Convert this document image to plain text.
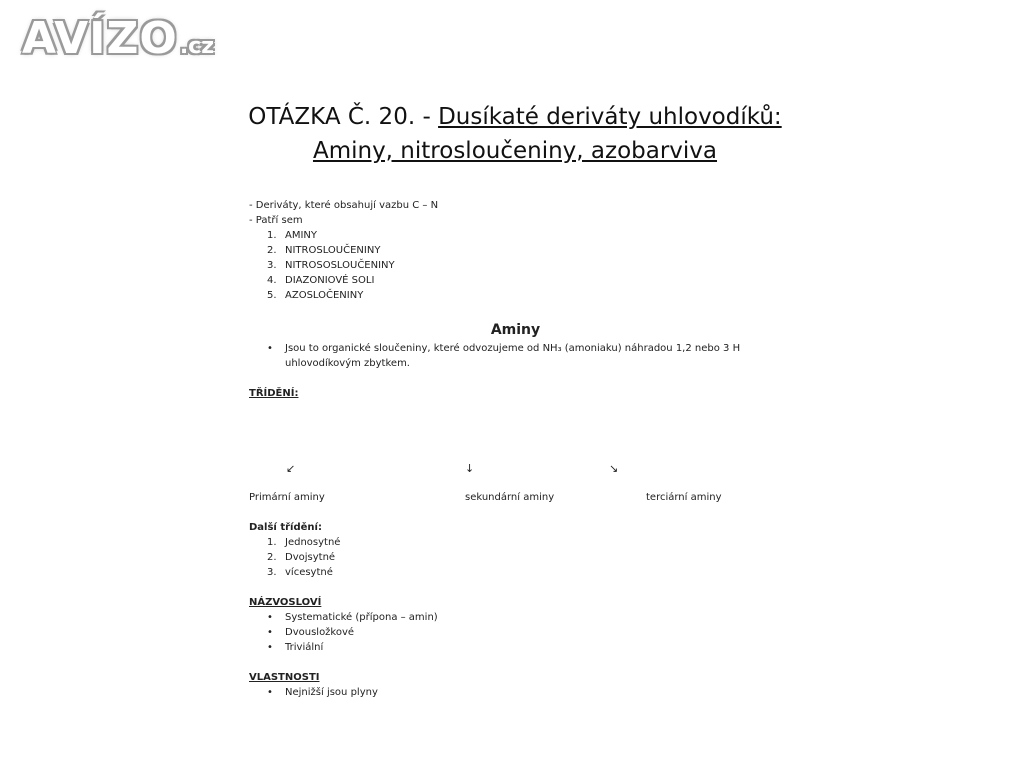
AVÍZO.cz
OTÁZKA Č. 20. - Dusíkaté deriváty uhlovodíků:
Aminy, nitrosloučeniny, azobarviva
- Deriváty, které obsahují vazbu C – N
- Patří sem
1. AMINY
2. NITROSLOUČENINY
3. NITROSOSLOUČENINY
4. DIAZONIOVÉ SOLI
5. AZOSLOČENINY
Aminy
• Jsou to organické sloučeniny, které odvozujeme od NH₃ (amoniaku) náhradou 1,2 nebo 3 H uhlovodíkovým zbytkem.
TŘÍDĚNÍ:
↙	↓	↘
Primární aminy	sekundární aminy	terciární aminy
Další třídění:
1. Jednosytné
2. Dvojsytné
3. vícesytné
NÁZVOSLOVÍ
• Systematické (přípona – amin)
• Dvousložkové
• Triviální
VLASTNOSTI
• Nejnižší jsou plyny
